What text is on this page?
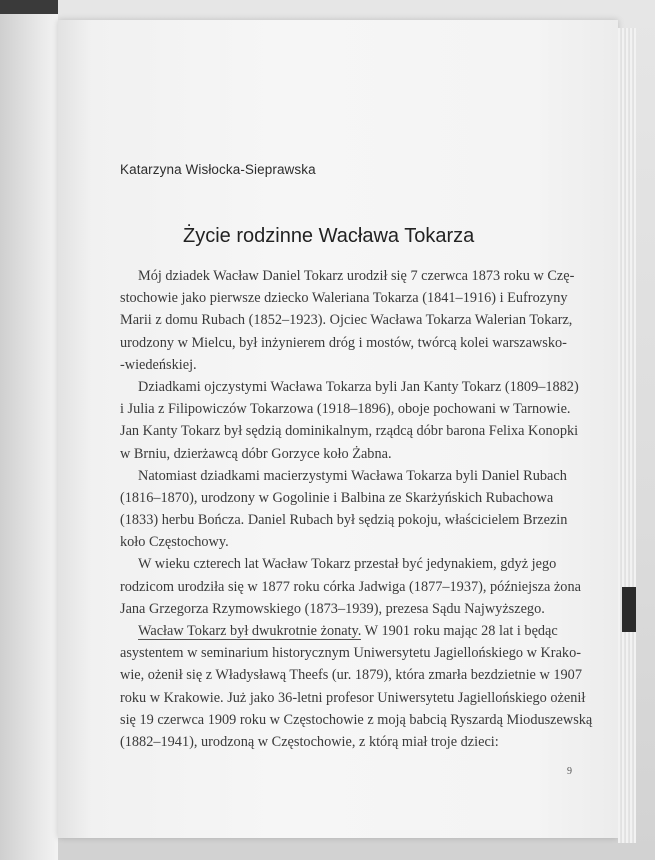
Katarzyna Wisłocka-Sieprawska
Życie rodzinne Wacława Tokarza
Mój dziadek Wacław Daniel Tokarz urodził się 7 czerwca 1873 roku w Czę-
stochowie jako pierwsze dziecko Waleriana Tokarza (1841–1916) i Eufrozyny
Marii z domu Rubach (1852–1923). Ojciec Wacława Tokarza Walerian Tokarz,
urodzony w Mielcu, był inżynierem dróg i mostów, twórcą kolei warszawsko-
-wiedeńskiej.
Dziadkami ojczystymi Wacława Tokarza byli Jan Kanty Tokarz (1809–1882)
i Julia z Filipowiczów Tokarzowa (1918–1896), oboje pochowani w Tarnowie.
Jan Kanty Tokarz był sędzią dominikalnym, rządcą dóbr barona Felixa Konopki
w Brniu, dzierżawcą dóbr Gorzyce koło Żabna.
Natomiast dziadkami macierzystymi Wacława Tokarza byli Daniel Rubach
(1816–1870), urodzony w Gogolinie i Balbina ze Skarżyńskich Rubachowa
(1833) herbu Bończa. Daniel Rubach był sędzią pokoju, właścicielem Brzezin
koło Częstochowy.
W wieku czterech lat Wacław Tokarz przestał być jedynakiem, gdyż jego
rodzicom urodziła się w 1877 roku córka Jadwiga (1877–1937), późniejsza żona
Jana Grzegorza Rzymowskiego (1873–1939), prezesa Sądu Najwyższego.
Wacław Tokarz był dwukrotnie żonaty. W 1901 roku mając 28 lat i będąc
asystentem w seminarium historycznym Uniwersytetu Jagiellońskiego w Krako-
wie, ożenił się z Władysławą Theefs (ur. 1879), która zmarła bezdzietnie w 1907
roku w Krakowie. Już jako 36-letni profesor Uniwersytetu Jagiellońskiego ożenił
się 19 czerwca 1909 roku w Częstochowie z moją babcią Ryszardą Mioduszewską
(1882–1941), urodzoną w Częstochowie, z którą miał troje dzieci:
9
